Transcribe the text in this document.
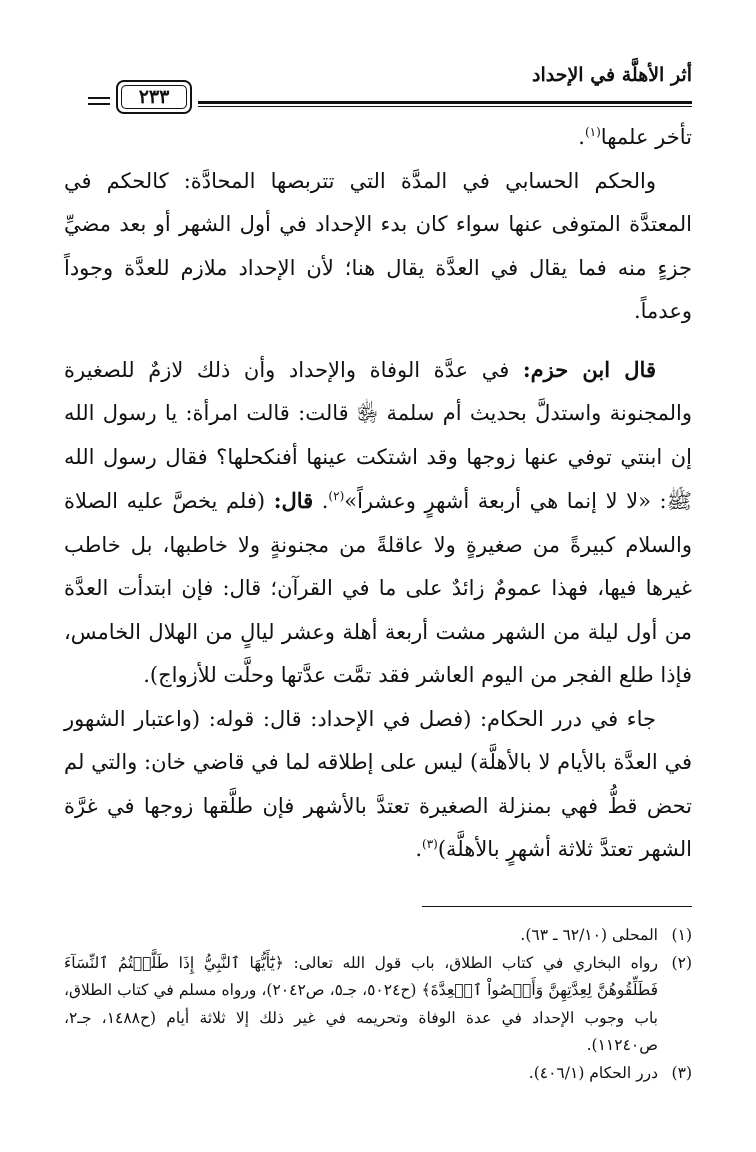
أثر الأهلَّة في الإحداد
٢٣٣

تأخر علمها$^{(١)}$.

والحكم الحسابي في المدَّة التي تتربصها المحادَّة: كالحكم في المعتدَّة المتوفى عنها سواء كان بدء الإحداد في أول الشهر أو بعد مضيِّ جزءٍ منه فما يقال في العدَّة يقال هنا؛ لأن الإحداد ملازم للعدَّة وجوداً وعدماً.

قال ابن حزم: في عدَّة الوفاة والإحداد وأن ذلك لازمٌ للصغيرة والمجنونة واستدلَّ بحديث أم سلمة ﵂ قالت: قالت امرأة: يا رسول الله إن ابنتي توفي عنها زوجها وقد اشتكت عينها أفنكحلها؟ فقال رسول الله ﷺ: «لا لا إنما هي أربعة أشهرٍ وعشراً»$^{(٢)}$. قال: (فلم يخصَّ عليه الصلاة والسلام كبيرةً من صغيرةٍ ولا عاقلةً من مجنونةٍ ولا خاطبها، بل خاطب غيرها فيها، فهذا عمومٌ زائدٌ على ما في القرآن؛ قال: فإن ابتدأت العدَّة من أول ليلة من الشهر مشت أربعة أهلة وعشر ليالٍ من الهلال الخامس، فإذا طلع الفجر من اليوم العاشر فقد تمَّت عدَّتها وحلَّت للأزواج).

جاء في درر الحكام: (فصل في الإحداد: قال: قوله: (واعتبار الشهور في العدَّة بالأيام لا بالأهلَّة) ليس على إطلاقه لما في قاضي خان: والتي لم تحض قطُّ فهي بمنزلة الصغيرة تعتدَّ بالأشهر فإن طلَّقها زوجها في غرَّة الشهر تعتدَّ ثلاثة أشهرٍ بالأهلَّة)$^{(٣)}$.

(١)
المحلى (٦٢/١٠ ـ ٦٣).
(٢)
رواه البخاري في كتاب الطلاق، باب قول الله تعالى: ﴿يَٰٓأَيُّهَا ٱلنَّبِيُّ إِذَا طَلَّقۡتُمُ ٱلنِّسَآءَ فَطَلِّقُوهُنَّ لِعِدَّتِهِنَّ وَأَحۡصُواْ ٱلۡعِدَّةَ﴾ (ح٥٠٢٤، جـ٥، ص٢٠٤٢)، ورواه مسلم في كتاب الطلاق، باب وجوب الإحداد في عدة الوفاة وتحريمه في غير ذلك إلا ثلاثة أيام (ح١٤٨٨، جـ٢، ص١١٢٤٠).
(٣)
درر الحكام (٤٠٦/١).
